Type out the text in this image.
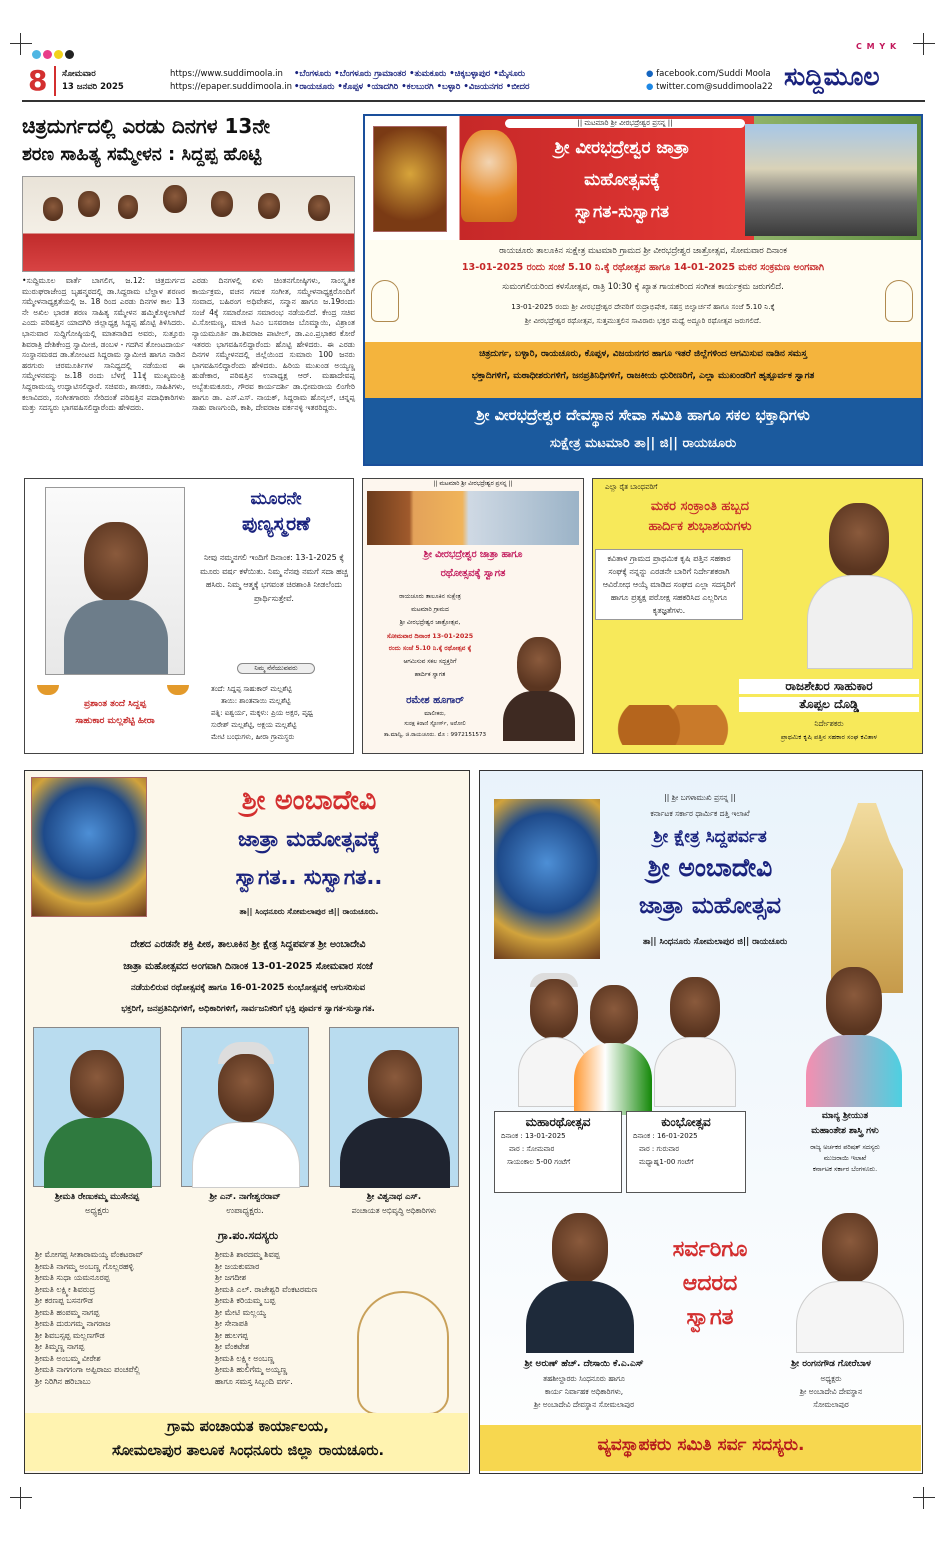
C M Y K
8 ಸೋಮವಾರ
13 ಜನವರಿ 2025
https://www.suddimoola.in
https://epaper.suddimoola.in
•ಬೆಂಗಳೂರು •ಬೆಂಗಳೂರು ಗ್ರಾಮಾಂತರ •ತುಮಕೂರು •ಚಿಕ್ಕಬಳ್ಳಾಪುರ •ಮೈಸೂರು
•ರಾಯಚೂರು •ಕೊಪ್ಪಳ •ಯಾದಗಿರಿ •ಕಲಬುರಗಿ •ಬಳ್ಳಾರಿ •ವಿಜಯನಗರ •ಬೀದರ
● facebook.com/Suddi Moola
● twitter.com@suddimoola22 ಸುದ್ದಿಮೂಲ
ಚಿತ್ರದುರ್ಗದಲ್ಲಿ ಎರಡು ದಿನಗಳ 13ನೇ
ಶರಣ ಸಾಹಿತ್ಯ ಸಮ್ಮೇಳನ : ಸಿದ್ದಪ್ಪ ಹೊಟ್ಟಿ
•ಸುದ್ದಿಮೂಲ ವಾರ್ತೆ ಬಾಗಲಿಗ, ಜ.12: ಚಿತ್ರದುರ್ಗದ ಮುರುಘರಾಜೇಂದ್ರ ಬೃಹನ್ಮಠದಲ್ಲಿ ಡಾ.ಸಿದ್ದರಾಮ ಬೆಲ್ದಾಳ ಶರಣರ ಸಮ್ಮೇಳನಾಧ್ಯಕ್ಷತೆಯಲ್ಲಿ ಜ. 18 ರಿಂದ ಎರಡು ದಿನಗಳ ಕಾಲ 13 ನೇ ಅಖಿಲ ಭಾರತ ಶರಣ ಸಾಹಿತ್ಯ ಸಮ್ಮೇಳನ ಹಮ್ಮಿಕೊಳ್ಳಲಾಗಿದೆ ಎಂದು ಪರಿಷತ್ತಿನ ಯಾದಗಿರಿ ಜಿಲ್ಲಾಧ್ಯಕ್ಷ ಸಿದ್ದಪ್ಪ ಹೊಟ್ಟಿ ತಿಳಿಸಿದರು. ಭಾನುವಾರ ಸುದ್ದಿಗೋಷ್ಠಿಯಲ್ಲಿ ಮಾತನಾಡಿದ ಅವರು, ಸುತ್ತೂರು ಶಿವರಾತ್ರಿ ದೇಶಿಕೇಂದ್ರ ಸ್ವಾಮೀಜಿ, ಡಂಬಳ - ಗದಗಿನ ತೋಂಟದಾರ್ಯ ಸಂಸ್ಥಾನಮಠದ ಡಾ.ತೋಂಟದ ಸಿದ್ದರಾಮ ಸ್ವಾಮೀಜಿ ಹಾಗೂ ನಾಡಿನ ಹರಗುರು ಚರಮೂರ್ತಿಗಳ ಸಾನಿಧ್ಯದಲ್ಲಿ ನಡೆಯುವ ಈ ಸಮ್ಮೇಳನವನ್ನು ಜ.18 ರಂದು ಬೆಳಗ್ಗೆ 11ಕ್ಕೆ ಮುಖ್ಯಮಂತ್ರಿ ಸಿದ್ದರಾಮಯ್ಯ ಉದ್ಘಾಟಿಸಲಿದ್ದಾರೆ. ಸಚಿವರು, ಶಾಸಕರು, ಸಾಹಿತಿಗಳು, ಕಲಾವಿದರು, ಸಂಗೀತಗಾರರು ಸೇರಿದಂತೆ ಪರಿಷತ್ತಿನ ಪದಾಧಿಕಾರಿಗಳು ಮತ್ತು ಸದಸ್ಯರು ಭಾಗವಹಿಸಲಿದ್ದಾರೆಂದು ಹೇಳಿದರು.
ಎರಡು ದಿನಗಳಲ್ಲಿ ಏಳು ಚಿಂತನಗೋಷ್ಠಿಗಳು, ಸಾಂಸ್ಕೃತಿಕ ಕಾರ್ಯಕ್ರಮ, ವಚನ ಗಮಕ ಸಂಗೀತ, ಸಮ್ಮೇಳನಾಧ್ಯಕ್ಷರೊಂದಿಗೆ ಸಂವಾದ, ಬಹಿರಂಗ ಅಧಿವೇಶನ, ಸನ್ಮಾನ ಹಾಗೂ ಜ.19ರಂದು ಸಂಜೆ 4ಕ್ಕೆ ಸಮಾರೋಪ ಸಮಾರಂಭ ನಡೆಯಲಿದೆ. ಕೇಂದ್ರ ಸಚಿವ ವಿ.ಸೋಮಣ್ಣ, ಮಾಜಿ ಸಿಎಂ ಬಸವರಾಜ ಬೊಮ್ಮಾಯಿ, ವಿಶ್ರಾಂತ ನ್ಯಾಯಮೂರ್ತಿ ಡಾ.ಶಿವರಾಜ ಪಾಟೀಲ್, ಡಾ.ಎಂ.ಪ್ರಭಾಕರ ಕೋರೆ ಇತರರು ಭಾಗವಹಿಸಲಿದ್ದಾರೆಂದು ಹೊಟ್ಟಿ ಹೇಳಿದರು. ಈ ಎರಡು ದಿನಗಳ ಸಮ್ಮೇಳನದಲ್ಲಿ ಜಿಲ್ಲೆಯಿಂದ ಸುಮಾರು 100 ಜನರು ಭಾಗವಹಿಸಲಿದ್ದಾರೆಂದು ಹೇಳಿದರು. ಹಿರಿಯ ಮುಖಂಡ ಅಯ್ಯಣ್ಣ ಹುಡೇಕಾರ, ಪರಿಷತ್ತಿನ ಉಪಾಧ್ಯಕ್ಷ ಆರ್. ಮಹಾದೇವಪ್ಪ ಅಬ್ಬೆತುಮಕೂರು, ಗೌರವ ಕಾರ್ಯದರ್ಶಿ ಡಾ.ಭೀಮರಾಯ ಲಿಂಗೇರಿ ಹಾಗೂ ಡಾ. ಎಸ್.ಎಸ್. ನಾಯಕ್, ಸಿದ್ದರಾಮ ಹೊನ್ಕಲ್, ಚನ್ನಪ್ಪ ಸಾಹು ಠಾಣಗುಂದಿ, ಕಾಶಿ, ದೇವರಾಜ ವರ್ಕನಳ್ಳಿ ಇತರರಿದ್ದರು.
|| ಮಟಮಾರಿ ಶ್ರೀ ವೀರಭದ್ರೇಶ್ವರ ಪ್ರಸನ್ನ ||
ಶ್ರೀ ವೀರಭದ್ರೇಶ್ವರ ಜಾತ್ರಾ
ಮಹೋತ್ಸವಕ್ಕೆ
ಸ್ವಾಗತ-ಸುಸ್ವಾಗತ
ರಾಯಚೂರು ತಾಲೂಕಿನ ಸುಕ್ಷೇತ್ರ ಮಟಮಾರಿ ಗ್ರಾಮದ ಶ್ರೀ ವೀರಭದ್ರೇಶ್ವರ ಜಾತ್ರೋತ್ಸವ, ಸೋಮವಾರ ದಿನಾಂಕ
13-01-2025 ರಂದು ಸಂಜೆ 5.10 ನಿ.ಕ್ಕೆ ರಥೋತ್ಸವ ಹಾಗೂ 14-01-2025 ಮಕರ ಸಂಕ್ರಮಣ ಅಂಗವಾಗಿ
ಸುಮಂಗಲಿಯರಿಂದ ಕಳಸೋತ್ಸವ, ರಾತ್ರಿ 10:30 ಕ್ಕೆ ಖ್ಯಾತ ಗಾಯಕರಿಂದ ಸಂಗೀತ ಕಾರ್ಯಕ್ರಮ ಜರುಗಲಿದೆ.
13-01-2025 ರಂದು ಶ್ರೀ ವೀರಭದ್ರೇಶ್ವರ ದೇವರಿಗೆ ರುದ್ರಾಭಿಷೇಕ, ಸಹಸ್ರ ಬಿಲ್ವಾರ್ಚನೆ ಹಾಗೂ ಸಂಜೆ 5.10 ನಿ.ಕ್ಕೆ
ಶ್ರೀ ವೀರಭದ್ರೇಶ್ವರ ರಥೋತ್ಸವ, ಸುತ್ತಮುತ್ತಲಿನ ಸಾವಿರಾರು ಭಕ್ತರ ಮಧ್ಯೆ ಅದ್ದೂರಿ ರಥೋತ್ಸವ ಜರುಗಲಿದೆ.
ಚಿತ್ರದುರ್ಗ, ಬಳ್ಳಾರಿ, ರಾಯಚೂರು, ಕೊಪ್ಪಳ, ವಿಜಯನಗರ ಹಾಗೂ ಇತರೆ ಜಿಲ್ಲೆಗಳಿಂದ ಆಗಮಿಸುವ ನಾಡಿನ ಸಮಸ್ತ
ಭಕ್ತಾದಿಗಳಿಗೆ, ಮಠಾಧೀಶರುಗಳಿಗೆ, ಜನಪ್ರತಿನಿಧಿಗಳಿಗೆ, ರಾಜಕೀಯ ಧುರೀಣರಿಗೆ, ಎಲ್ಲಾ ಮುಖಂಡರಿಗೆ ಹೃತ್ಪೂರ್ವಕ ಸ್ವಾಗತ
ಶ್ರೀ ವೀರಭದ್ರೇಶ್ವರ ದೇವಸ್ಥಾನ ಸೇವಾ ಸಮಿತಿ ಹಾಗೂ ಸಕಲ ಭಕ್ತಾಧಿಗಳು
ಸುಕ್ಷೇತ್ರ ಮಟಮಾರಿ ತಾ|| ಜಿ|| ರಾಯಚೂರು
ಮೂರನೇ
ಪುಣ್ಯಸ್ಮರಣೆ
ನೀವು ನಮ್ಮನಗಲಿ ಇಂದಿಗೆ ದಿನಾಂಕ: 13-1-2025 ಕ್ಕೆ ಮೂರು ವರ್ಷ ಕಳೆಯಿತು. ನಿಮ್ಮ ನೆನಪು ನಮಗೆ ಸದಾ ಹಚ್ಚ ಹಸಿರು. ನಿಮ್ಮ ಆತ್ಮಕ್ಕೆ ಭಗವಂತ ಚಿರಶಾಂತಿ ನೀಡಲೆಂದು ಪ್ರಾರ್ಥಿಸುತ್ತೇವೆ.
ನಿಮ್ಮ ನೆನೆಯುವವರು
ಪ್ರಶಾಂತ ತಂದೆ ಸಿದ್ದಪ್ಪ
ಸಾಹುಕಾರ ಮಲ್ಲಶೆಟ್ಟಿ ಹೀರಾ
ತಂದೆ: ಸಿದ್ದಪ್ಪ ಸಾಹುಕಾರ್ ಮಲ್ಲಶೆಟ್ಟಿ
ತಾಯಿ: ಶಾಂತವಾಯಿ ಮಲ್ಲಶೆಟ್ಟಿ
ಪತ್ನಿ: ಐಶ್ವರ್ಯ, ಮಕ್ಕಳು: ಪ್ರಿಯ ಅಕ್ಷರ, ಪೃಥ್ವ
ಸುರೇಶ್ ಮಲ್ಲಶೆಟ್ಟಿ, ಅಕ್ಷಯ ಮಲ್ಲಶೆಟ್ಟಿ
ಮೇಟಿ ಬಂಧುಗಳು, ಹೀರಾ ಗ್ರಾಮಸ್ಥರು
|| ಮಟಮಾರಿ ಶ್ರೀ ವೀರಭದ್ರೇಶ್ವರ ಪ್ರಸನ್ನ ||
ಶ್ರೀ ವೀರಭದ್ರೇಶ್ವರ ಜಾತ್ರಾ ಹಾಗೂ
ರಥೋತ್ಸವಕ್ಕೆ ಸ್ವಾಗತ
ರಾಯಚೂರು ತಾಲೂಕಿನ ಸುಕ್ಷೇತ್ರ
ಮಟಮಾರಿ ಗ್ರಾಮದ
ಶ್ರೀ ವೀರಭದ್ರೇಶ್ವರ ಜಾತ್ರೋತ್ಸವ,
ಸೋಮವಾರ ದಿನಾಂಕ 13-01-2025
ರಂದು ಸಂಜೆ 5.10 ನಿ.ಕ್ಕೆ ರಥೋತ್ಸವ ಕ್ಕೆ
ಆಗಮಿಸುವ ಸಕಲ ಸದ್ಭಕ್ತರಿಗೆ
ಹಾರ್ದಿಕ ಸ್ವಾಗತ
ರಮೇಶ ಹೂಗಾರ್
ಮಾಲೀಕರು,
ಸುರಕ್ಷ ಕಿರಾಣಿ ಸ್ಟೋರ್ಸ್, ಅರೋಲಿ
ತಾ.ಮಾನ್ವಿ, ಜಿ.ರಾಯಚೂರು. ಮೊ : 9972151573
ಎಲ್ಲಾ ರೈತ ಬಾಂಧವರಿಗೆ
ಮಕರ ಸಂಕ್ರಾಂತಿ ಹಬ್ಬದ
ಹಾರ್ದಿಕ ಶುಭಾಶಯಗಳು
ಕವಿತಾಳ ಗ್ರಾಮದ ಪ್ರಾಥಮಿಕ ಕೃಷಿ ಪತ್ತಿನ ಸಹಕಾರ ಸಂಘಕ್ಕೆ ನನ್ನನ್ನು ಎರಡನೇ ಬಾರಿಗೆ ನಿರ್ದೇಶಕರಾಗಿ ಆವಿರೋಧ ಆಯ್ಕೆ ಮಾಡಿದ ಸಂಘದ ಎಲ್ಲಾ ಸದಸ್ಯರಿಗೆ ಹಾಗೂ ಪ್ರತ್ಯಕ್ಷ ಪರೋಕ್ಷ ಸಹಕರಿಸಿದ ಎಲ್ಲರಿಗೂ ಕೃತಜ್ಞತೆಗಳು.
ರಾಜಶೇಖರ ಸಾಹುಕಾರ
ತೊಪ್ಪಲ ದೊಡ್ಡಿ
ನಿರ್ದೇಶಕರು
ಪ್ರಾಥಮಿಕ ಕೃಷಿ ಪತ್ತಿನ ಸಹಕಾರ ಸಂಘ ಕವಿತಾಳ
ಶ್ರೀ ಅಂಬಾದೇವಿ
ಜಾತ್ರಾ ಮಹೋತ್ಸವಕ್ಕೆ
ಸ್ವಾಗತ.. ಸುಸ್ವಾಗತ..
ತಾ|| ಸಿಂಧನೂರು ಸೋಮಲಾಪುರ ಜಿ|| ರಾಯಚೂರು.
ದೇಶದ ಎರಡನೇ ಶಕ್ತಿ ಪೀಠ, ತಾಲೂಕಿನ ಶ್ರೀ ಕ್ಷೇತ್ರ ಸಿದ್ದಪರ್ವತ ಶ್ರೀ ಅಂಬಾದೇವಿ
ಜಾತ್ರಾ ಮಹೋತ್ಸವದ ಅಂಗವಾಗಿ ದಿನಾಂಕ 13-01-2025 ಸೋಮವಾರ ಸಂಜೆ
ನಡೆಯಲಿರುವ ರಥೋತ್ಸವಕ್ಕೆ ಹಾಗೂ 16-01-2025 ಕುಂಭೋತ್ಸವಕ್ಕೆ ಆಗುಸರಿಸುವ
ಭಕ್ತರಿಗೆ, ಜನಪ್ರತಿನಿಧಿಗಳಿಗೆ, ಅಧಿಕಾರಿಗಳಿಗೆ, ಸಾರ್ವಜನಿಕರಿಗೆ ಭಕ್ತಿ ಪೂರ್ವಕ ಸ್ವಾಗತ-ಸುಸ್ವಾಗತ.
ಶ್ರೀಮತಿ ರೇಣುಕಮ್ಮ ಮುಸೇನಪ್ಪ
ಅಧ್ಯಕ್ಷರು
ಶ್ರೀ ಎನ್. ನಾಗೇಶ್ವರರಾವ್
ಉಪಾಧ್ಯಕ್ಷರು.
ಶ್ರೀ ವಿಶ್ವನಾಥ ಎಸ್.
ಪಂಚಾಯತ ಅಭಿವೃದ್ಧಿ ಅಧಿಕಾರಿಗಳು
ಗ್ರಾ.ಪಂ.ಸದಸ್ಯರು
ಶ್ರೀ ಮೋಗಪ್ಪ ಸೀತಾರಾಮಯ್ಯ ವೆಂಕಟರಾವ್
ಶ್ರೀಮತಿ ನಾಗಮ್ಮ ಅಂಬಣ್ಣ ಗೊಲ್ಲರಹಳ್ಳಿ
ಶ್ರೀಮತಿ ಸುಧಾ ಯಮನೂರಪ್ಪ
ಶ್ರೀಮತಿ ಲಕ್ಷ್ಮೀ ಶಿವರುದ್ರ
ಶ್ರೀ ಕರಣಪ್ಪ ಬಸನಗೌಡ
ಶ್ರೀಮತಿ ಹಂಪಮ್ಮ ನಾಗಪ್ಪ
ಶ್ರೀಮತಿ ದುರುಗಮ್ಮ ನಾಗರಾಜ
ಶ್ರೀ ಶಿವಬಸ್ಸಪ್ಪ ಮಲ್ಲಣಗೌಡ
ಶ್ರೀ ತಿಮ್ಮಣ್ಣ ನಾಗಪ್ಪ
ಶ್ರೀಮತಿ ಅಂಬಮ್ಮ ವೀರೇಶ
ಶ್ರೀಮತಿ ನಾಗಗಂಗಾ ಅಪ್ಪಿರಾಜು ಪಂಚಪೆಲ್ಲಿ
ಶ್ರೀ ನಿರಿಗಿನ ಹರಿಬಾಬು
ಶ್ರೀಮತಿ ಶಾರದಮ್ಮ ಶಿವಪ್ಪ
ಶ್ರೀ ಜಯಕುಮಾರ
ಶ್ರೀ ಜಗದೀಶ
ಶ್ರೀಮತಿ ಎಲ್. ರಾಜೇಶ್ವರಿ ವೆಂಕಟರಮಣ
ಶ್ರೀಮತಿ ಕರಿಯಮ್ಮ ಬಪ್ಪ
ಶ್ರೀ ಮೇಟಿ ಮಲ್ಲಯ್ಯ
ಶ್ರೀ ಸೇನಾಪತಿ
ಶ್ರೀ ಹುಲಗಪ್ಪ
ಶ್ರೀ ವೆಂಕಟೇಶ
ಶ್ರೀಮತಿ ಲಕ್ಷ್ಮೀ ಅಂಬಣ್ಣ
ಶ್ರೀಮತಿ ಹುಲಿಗೆಮ್ಮ ಅಯ್ಯಣ್ಣ
ಹಾಗೂ ಸಮಸ್ತ ಸಿಬ್ಬಂದಿ ವರ್ಗ.
ಗ್ರಾಮ ಪಂಚಾಯತ ಕಾರ್ಯಾಲಯ,
ಸೋಮಲಾಪುರ ತಾಲೂಕ ಸಿಂಧನೂರು ಜಿಲ್ಲಾ ರಾಯಚೂರು.
|| ಶ್ರೀ ಬಗಳಾಮುಖಿ ಪ್ರಸನ್ನ ||
ಕರ್ನಾಟಕ ಸರ್ಕಾರ ಧಾರ್ಮಿಕ ದತ್ತಿ ಇಲಾಖೆ
ಶ್ರೀ ಕ್ಷೇತ್ರ ಸಿದ್ದಪರ್ವತ
ಶ್ರೀ ಅಂಬಾದೇವಿ
ಜಾತ್ರಾ ಮಹೋತ್ಸವ
ತಾ|| ಸಿಂಧನೂರು ಸೋಮಲಾಪುರ ಜಿ|| ರಾಯಚೂರು
ಮಹಾರಥೋತ್ಸವ
ದಿನಾಂಕ : 13-01-2025
ವಾರ : ಸೋಮವಾರ
ಸಾಯಂಕಾಲ 5-00 ಗಂಟೆಗೆ
ಕುಂಭೋತ್ಸವ
ದಿನಾಂಕ : 16-01-2025
ವಾರ : ಗುರುವಾರ
ಮಧ್ಯಾಹ್ನ1-00 ಗಂಟೆಗೆ
ಮಾನ್ಯ ಶ್ರೀಯುತ
ಮಹಾಂತೇಶ ಶಾಸ್ತ್ರಿ ಗಳು
ರಾಜ್ಯ ಅರ್ಚಕರ ಪರಿಷತ್ ಸದಸ್ಯರು
ಮುಜರಾಯಿ ಇಲಾಖೆ
ಕರ್ನಾಟಕ ಸರ್ಕಾರ ಬೆಂಗಳೂರು.
ಸರ್ವರಿಗೂ
ಆದರದ
ಸ್ವಾಗತ
ಶ್ರೀ ಅರುಣ್ ಹೆಚ್. ದೇಸಾಯಿ ಕೆ.ಎ.ಎಸ್
ತಹಶೀಲ್ದಾರರು ಸಿಂಧನೂರು ಹಾಗೂ
ಕಾರ್ಯ ನಿರ್ವಾಹಕ ಅಧಿಕಾರಿಗಳು,
ಶ್ರೀ ಅಂಬಾದೇವಿ ದೇವಸ್ಥಾನ ಸೋಮಲಾಪುರ
ಶ್ರೀ ರಂಗನಗೌಡ ಗೋರೆಬಾಳ
ಅಧ್ಯಕ್ಷರು
ಶ್ರೀ ಅಂಬಾದೇವಿ ದೇವಸ್ಥಾನ
ಸೋಮಲಾಪುರ
ವ್ಯವಸ್ಥಾಪಕರು ಸಮಿತಿ ಸರ್ವ ಸದಸ್ಯರು.
